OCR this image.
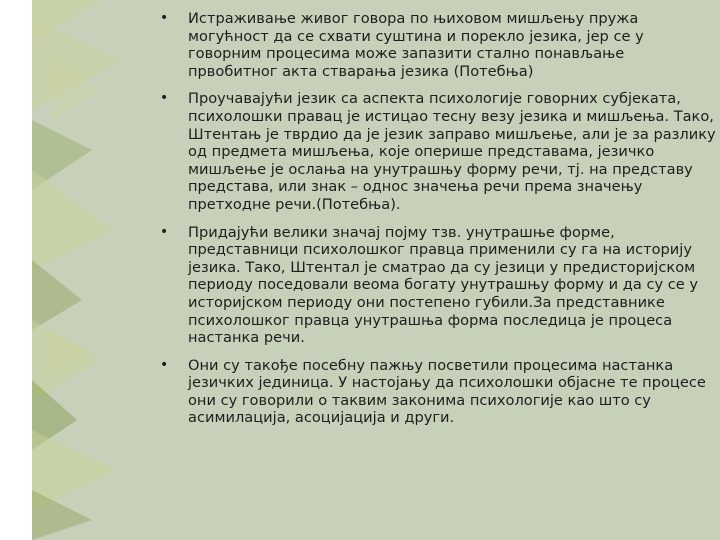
• Истраживање живог говора по њиховом мишљењу пружа могућност да се схвати суштина и порекло језика, јер се у говорним процесима може запазити стално понављање првобитног акта стварања језика (Потебња)
• Проучавајући језик са аспекта психологије говорних субјеката, психолошки правац је истицао тесну везу језика и мишљења. Тако, Штентањ је тврдио да је језик заправо мишљење, али је за разлику од предмета мишљења, које оперише представама, језичко мишљење је ослања на унутрашњу форму речи, тј. на представу представа, или знак – однос значења речи према значењу претходне речи.(Потебња).
• Придајући велики значај појму тзв. унутрашње форме, представници психолошког правца применили су га на историју језика. Тако, Штентал је сматрао да су језици у предисторијском периоду поседовали веома богату унутрашњу форму и да су се у историјском периоду они постепено губили.За представнике психолошког правца унутрашња форма последица је процеса настанка речи.
• Они су такође посебну пажњу посветили процесима настанка језичких јединица. У настојању да психолошки објасне те процесе они су говорили о таквим законима психологије као што су асимилација, асоцијација и други.
